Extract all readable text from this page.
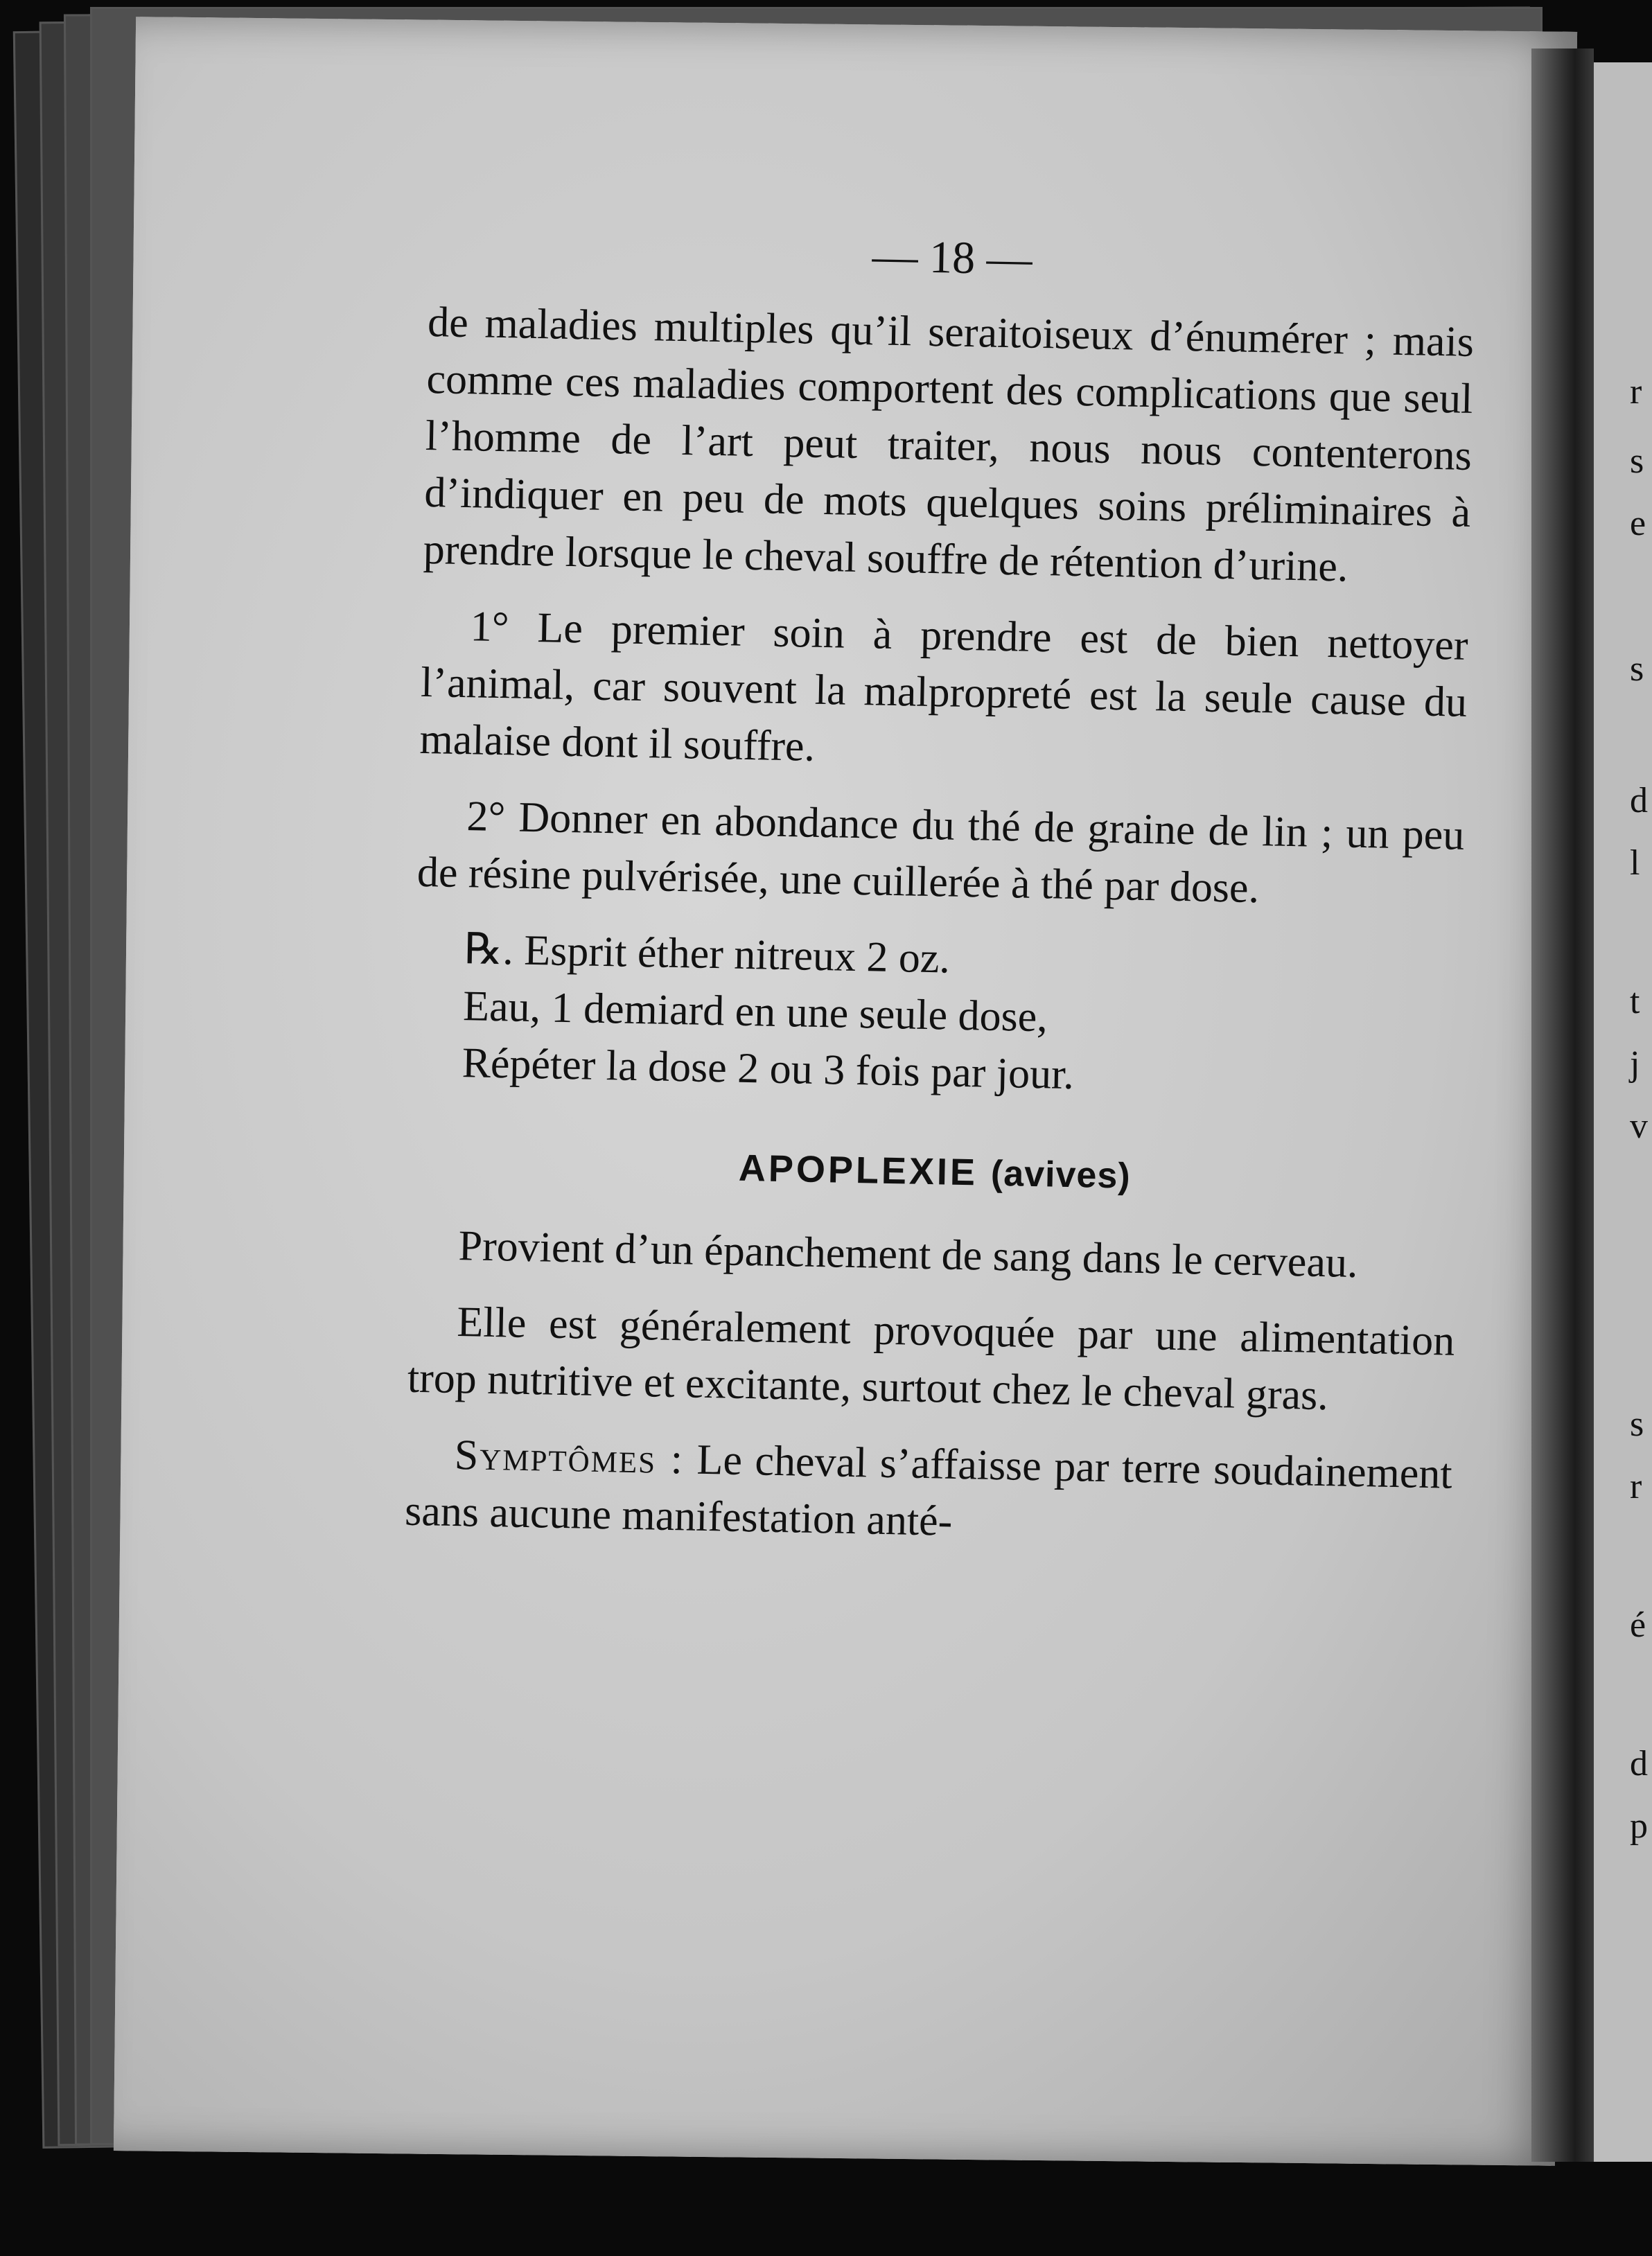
— 18 —

de maladies multiples qu’il seraitoiseux d’énumérer ; mais comme ces maladies comportent des complications que seul l’homme de l’art peut traiter, nous nous contenterons d’indiquer en peu de mots quelques soins préliminaires à prendre lorsque le cheval souffre de rétention d’urine.

1° Le premier soin à prendre est de bien nettoyer l’animal, car souvent la malpropreté est la seule cause du malaise dont il souffre.

2° Donner en abondance du thé de graine de lin ; un peu de résine pulvérisée, une cuillerée à thé par dose.

℞. Esprit éther nitreux 2 oz.

Eau, 1 demiard en une seule dose,

Répéter la dose 2 ou 3 fois par jour.

APOPLEXIE (avives)

Provient d’un épanchement de sang dans le cerveau.

Elle est généralement provoquée par une alimentation trop nutritive et excitante, surtout chez le cheval gras.

Symptômes : Le cheval s’affaisse par terre soudainement sans aucune manifestation anté-

r
s
e
s
d
l
t
j
v
s
r
é
d
p
